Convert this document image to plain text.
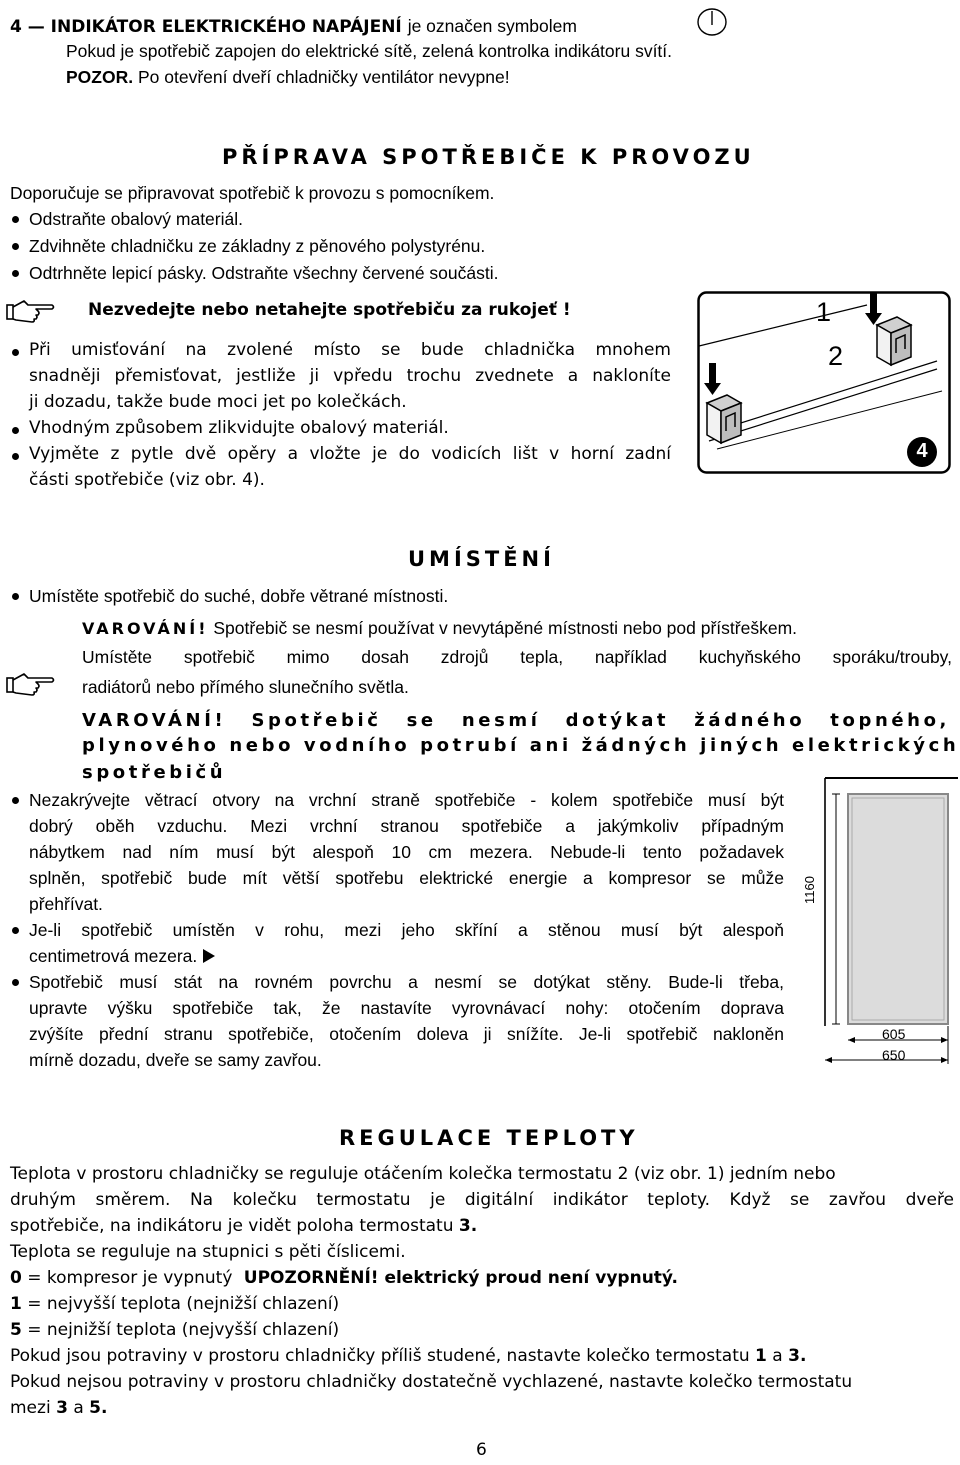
4 — INDIKÁTOR ELEKTRICKÉHO NAPÁJENÍ je označen symbolem
Pokud je spotřebič zapojen do elektrické sítě, zelená kontrolka indikátoru svítí.
POZOR. Po otevření dveří chladničky ventilátor nevypne!
PŘÍPRAVA SPOTŘEBIČE K PROVOZU
Doporučuje se připravovat spotřebič k provozu s pomocníkem.
Odstraňte obalový materiál.
Zdvihněte chladničku ze základny z pěnového polystyrénu.
Odtrhněte lepicí pásky. Odstraňte všechny červené součásti.
Nezvedejte nebo netahejte spotřebiču za rukojeť !
Při umisťování na zvolené místo se bude chladnička mnohem
snadněji přemisťovat, jestliže ji vpředu trochu zvednete a nakloníte
ji dozadu, takže bude moci jet po kolečkách.
Vhodným způsobem zlikvidujte obalový materiál.
Vyjměte z pytle dvě opěry a vložte je do vodicích lišt v horní zadní
části spotřebiče (viz obr. 4).
1
2
4
UMÍSTĚNÍ
Umístěte spotřebič do suché, dobře větrané místnosti.
VAROVÁNÍ! Spotřebič se nesmí používat v nevytápěné místnosti nebo pod přístřeškem.
Umístěte spotřebič mimo dosah zdrojů tepla, například kuchyňského sporáku/trouby,
radiátorů nebo přímého slunečního světla.
VAROVÁNÍ! Spotřebič se nesmí dotýkat žádného topného,
plynového nebo vodního potrubí ani žádných jiných elektrických
spotřebičů
Nezakrývejte větrací otvory na vrchní straně spotřebiče - kolem spotřebiče musí být
dobrý oběh vzduchu. Mezi vrchní stranou spotřebiče a jakýmkoliv případným
nábytkem nad ním musí být alespoň 10 cm mezera. Nebude-li tento požadavek
splněn, spotřebič bude mít větší spotřebu elektrické energie a kompresor se může
přehřívat.
Je-li spotřebič umístěn v rohu, mezi jeho skříní a stěnou musí být alespoň
centimetrová mezera.
Spotřebič musí stát na rovném povrchu a nesmí se dotýkat stěny. Bude-li třeba,
upravte výšku spotřebiče tak, že nastavíte vyrovnávací nohy: otočením doprava
zvýšíte přední stranu spotřebiče, otočením doleva ji snížíte. Je-li spotřebič nakloněn
mírně dozadu, dveře se samy zavřou.
1160
605
650
REGULACE TEPLOTY
Teplota v prostoru chladničky se reguluje otáčením kolečka termostatu 2 (viz obr. 1) jedním nebo
druhým směrem. Na kolečku termostatu je digitální indikátor teploty. Když se zavřou dveře
spotřebiče, na indikátoru je vidět poloha termostatu 3.
Teplota se reguluje na stupnici s pěti číslicemi.
0 = kompresor je vypnutý UPOZORNĚNÍ! elektrický proud není vypnutý.
1 = nejvyšší teplota (nejnižší chlazení)
5 = nejnižší teplota (nejvyšší chlazení)
Pokud jsou potraviny v prostoru chladničky příliš studené, nastavte kolečko termostatu 1 a 3.
Pokud nejsou potraviny v prostoru chladničky dostatečně vychlazené, nastavte kolečko termostatu
mezi 3 a 5.
6
